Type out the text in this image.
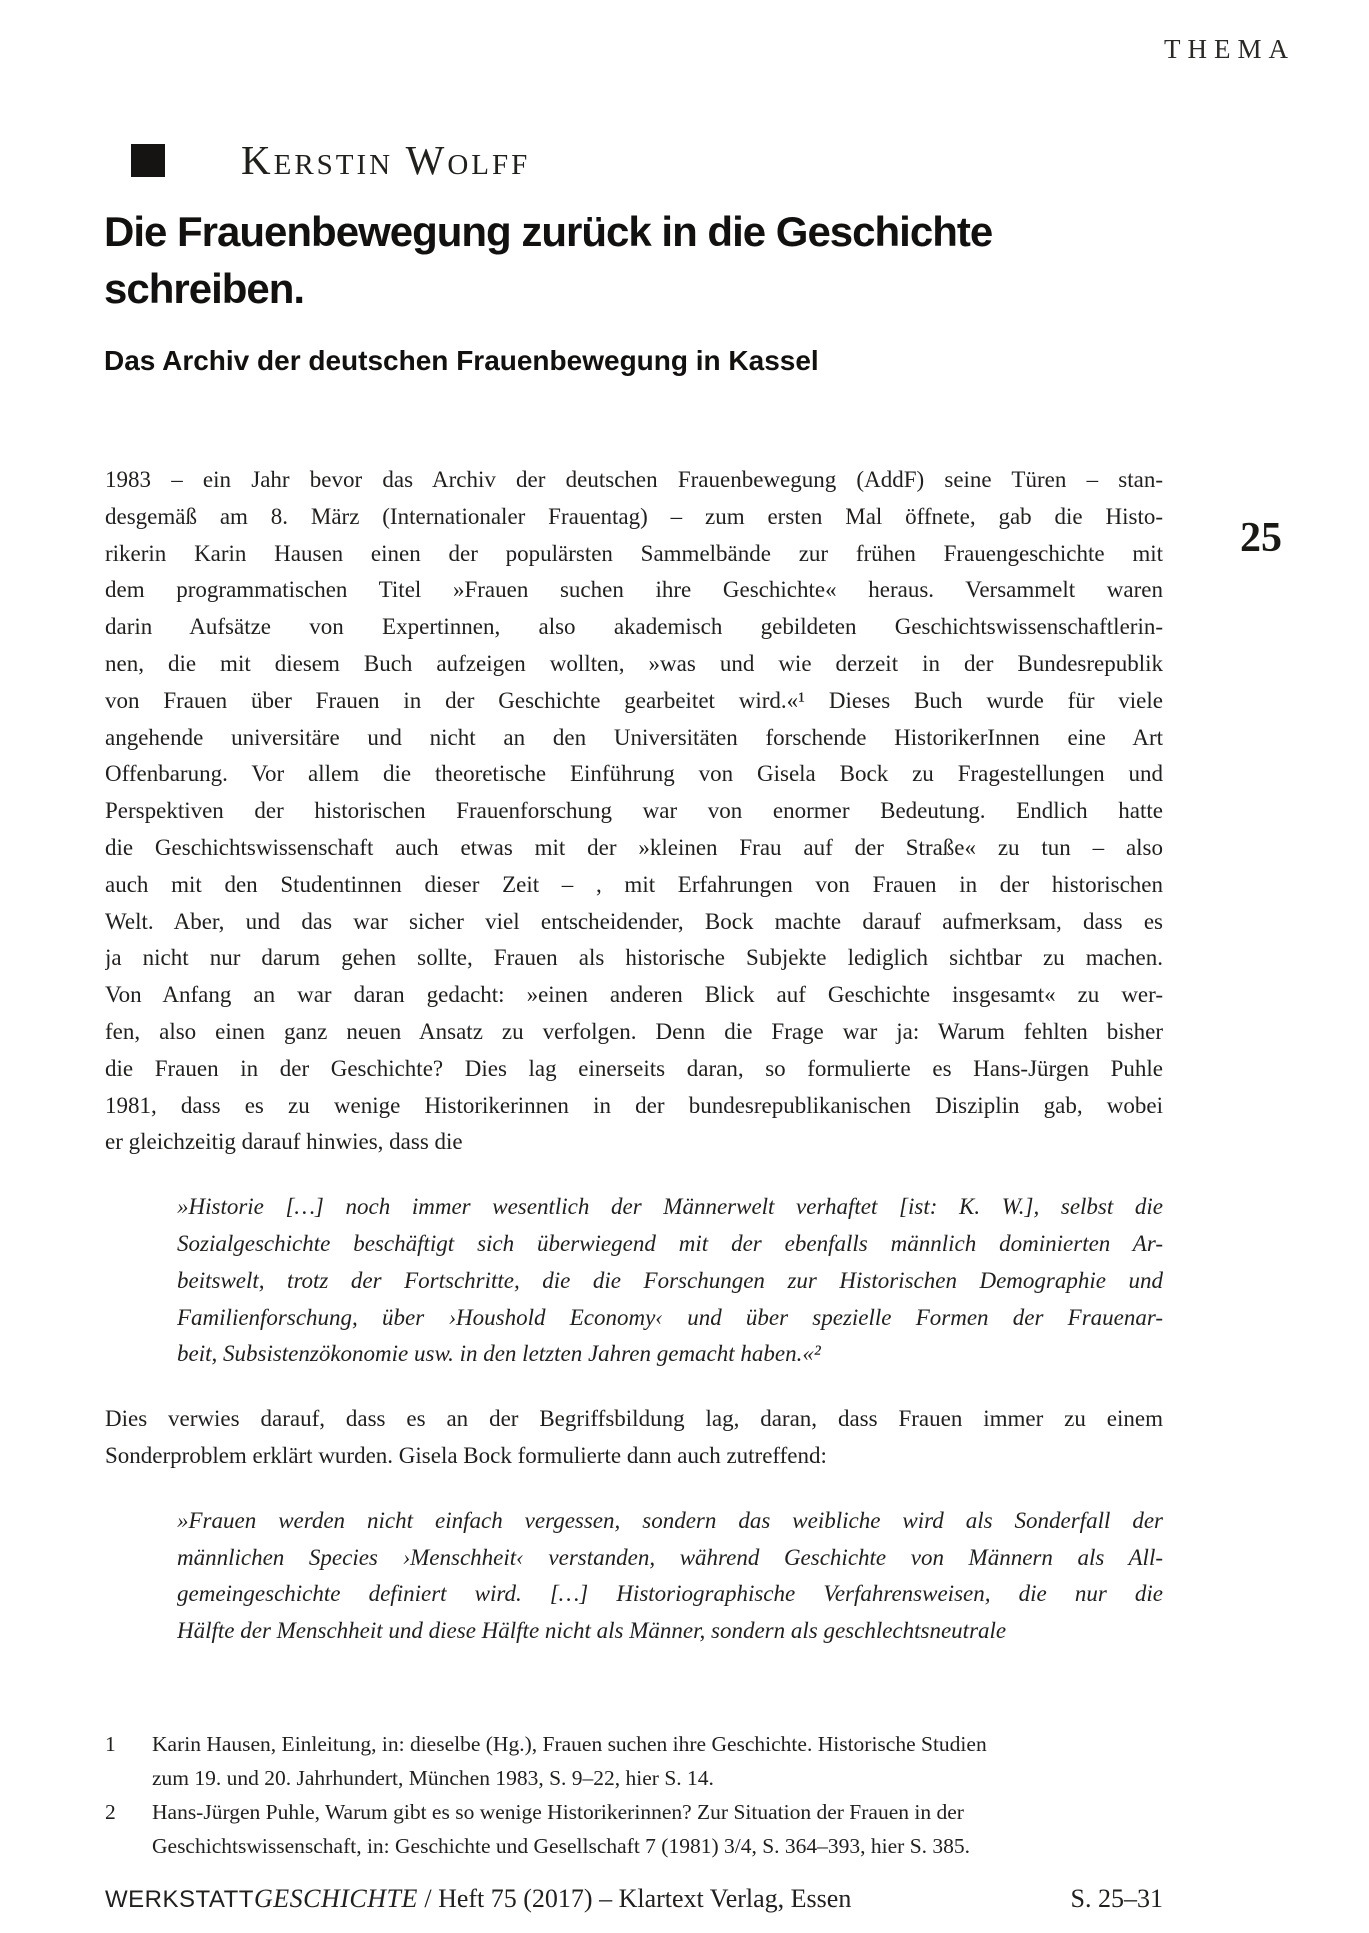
THEMA
Kerstin Wolff
Die Frauenbewegung zurück in die Geschichte
schreiben.
Das Archiv der deutschen Frauenbewegung in Kassel
25
1983 – ein Jahr bevor das Archiv der deutschen Frauenbewegung (AddF) seine Türen – stan-
desgemäß am 8. März (Internationaler Frauentag) – zum ersten Mal öffnete, gab die Histo-
rikerin Karin Hausen einen der populärsten Sammelbände zur frühen Frauengeschichte mit
dem programmatischen Titel »Frauen suchen ihre Geschichte« heraus. Versammelt waren
darin Aufsätze von Expertinnen, also akademisch gebildeten Geschichtswissenschaftlerin-
nen, die mit diesem Buch aufzeigen wollten, »was und wie derzeit in der Bundesrepublik
von Frauen über Frauen in der Geschichte gearbeitet wird.«¹ Dieses Buch wurde für viele
angehende universitäre und nicht an den Universitäten forschende HistorikerInnen eine Art
Offenbarung. Vor allem die theoretische Einführung von Gisela Bock zu Fragestellungen und
Perspektiven der historischen Frauenforschung war von enormer Bedeutung. Endlich hatte
die Geschichtswissenschaft auch etwas mit der »kleinen Frau auf der Straße« zu tun – also
auch mit den Studentinnen dieser Zeit – , mit Erfahrungen von Frauen in der historischen
Welt. Aber, und das war sicher viel entscheidender, Bock machte darauf aufmerksam, dass es
ja nicht nur darum gehen sollte, Frauen als historische Subjekte lediglich sichtbar zu machen.
Von Anfang an war daran gedacht: »einen anderen Blick auf Geschichte insgesamt« zu wer-
fen, also einen ganz neuen Ansatz zu verfolgen. Denn die Frage war ja: Warum fehlten bisher
die Frauen in der Geschichte? Dies lag einerseits daran, so formulierte es Hans-Jürgen Puhle
1981, dass es zu wenige Historikerinnen in der bundesrepublikanischen Disziplin gab, wobei
er gleichzeitig darauf hinwies, dass die
»Historie […] noch immer wesentlich der Männerwelt verhaftet [ist: K. W.], selbst die
Sozialgeschichte beschäftigt sich überwiegend mit der ebenfalls männlich dominierten Ar-
beitswelt, trotz der Fortschritte, die die Forschungen zur Historischen Demographie und
Familienforschung, über ›Houshold Economy‹ und über spezielle Formen der Frauenar-
beit, Subsistenzökonomie usw. in den letzten Jahren gemacht haben.«²
Dies verwies darauf, dass es an der Begriffsbildung lag, daran, dass Frauen immer zu einem
Sonderproblem erklärt wurden. Gisela Bock formulierte dann auch zutreffend:
»Frauen werden nicht einfach vergessen, sondern das weibliche wird als Sonderfall der
männlichen Species ›Menschheit‹ verstanden, während Geschichte von Männern als All-
gemeingeschichte definiert wird. […] Historiographische Verfahrensweisen, die nur die
Hälfte der Menschheit und diese Hälfte nicht als Männer, sondern als geschlechtsneutrale
1 Karin Hausen, Einleitung, in: dieselbe (Hg.), Frauen suchen ihre Geschichte. Historische Studien
zum 19. und 20. Jahrhundert, München 1983, S. 9–22, hier S. 14.
2 Hans-Jürgen Puhle, Warum gibt es so wenige Historikerinnen? Zur Situation der Frauen in der
Geschichtswissenschaft, in: Geschichte und Gesellschaft 7 (1981) 3/4, S. 364–393, hier S. 385.
WERKSTATTGESCHICHTE / Heft 75 (2017) – Klartext Verlag, Essen	S. 25–31
